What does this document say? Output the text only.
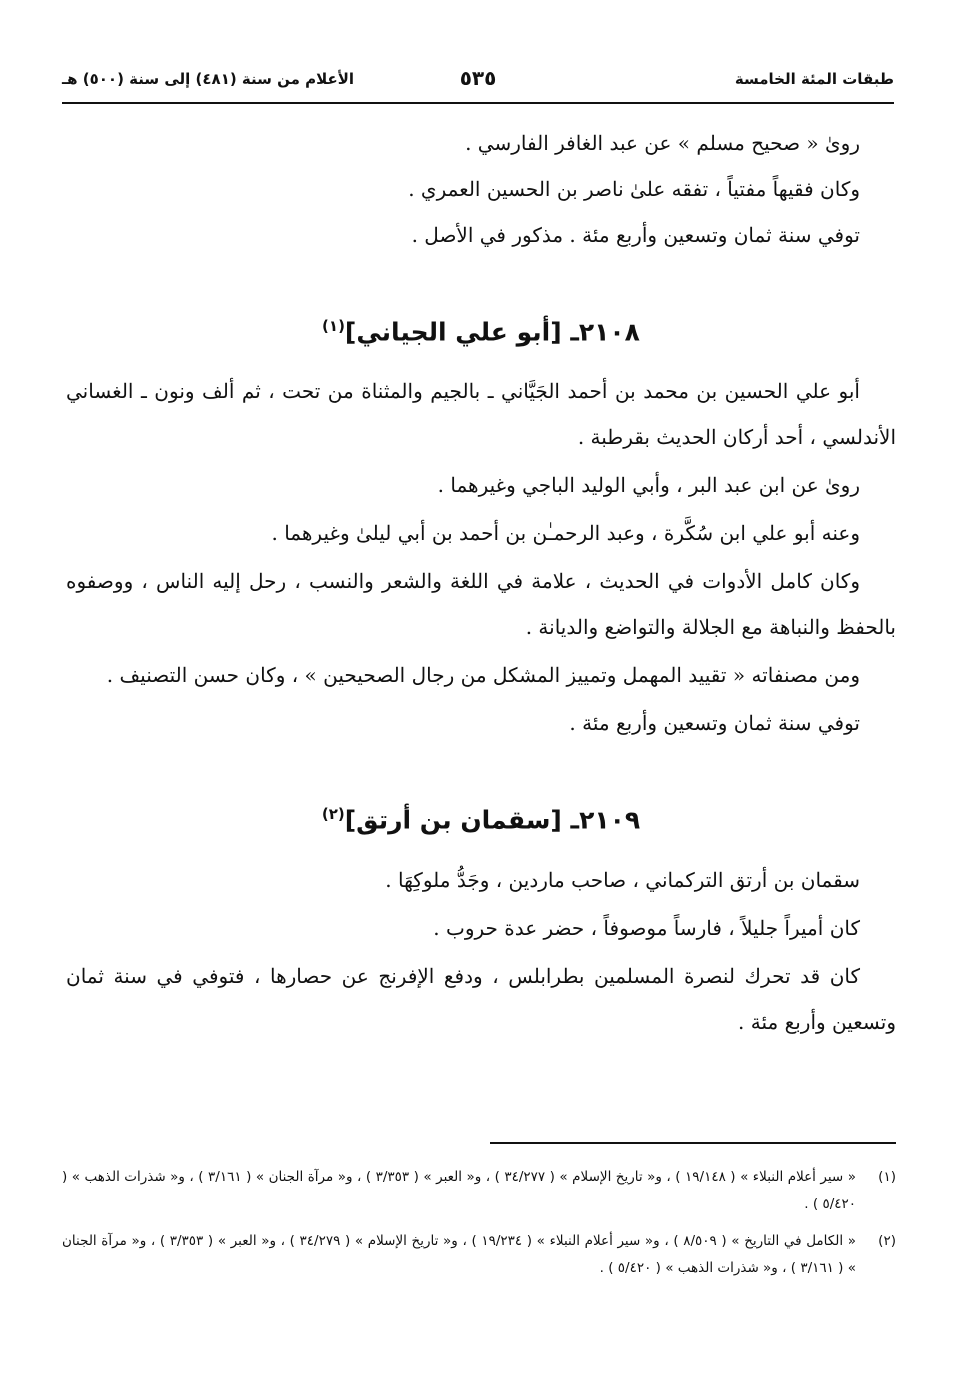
طبقات المئة الخامسة
٥٣٥
الأعلام من سنة (٤٨١) إلى سنة (٥٠٠) هـ

رویٰ « صحيح مسلم » عن عبد الغافر الفارسي .

وكان فقيهاً مفتياً ، تفقه علىٰ ناصر بن الحسين العمري .

توفي سنة ثمان وتسعين وأربع مئة . مذكور في الأصل .

٢١٠٨ـ [أبو علي الجياني]$^{(١)}$

أبو علي الحسين بن محمد بن أحمد الجَيَّاني ـ بالجيم والمثناة من تحت ، ثم ألف ونون ـ الغساني الأندلسي ، أحد أركان الحديث بقرطبة .

رویٰ عن ابن عبد البر ، وأبي الوليد الباجي وغيرهما .

وعنه أبو علي ابن سُكَّرة ، وعبد الرحمـٰن بن أحمد بن أبي ليلىٰ وغيرهما .

وكان كامل الأدوات في الحديث ، علامة في اللغة والشعر والنسب ، رحل إليه الناس ، ووصفوه بالحفظ والنباهة مع الجلالة والتواضع والديانة .

ومن مصنفاته « تقييد المهمل وتمييز المشكل من رجال الصحيحين » ، وكان حسن التصنيف .

توفي سنة ثمان وتسعين وأربع مئة .

٢١٠٩ـ [سقمان بن أرتق]$^{(٢)}$

سقمان بن أرتق التركماني ، صاحب ماردين ، وجَدُّ ملوكِهَا .

كان أميراً جليلاً ، فارساً موصوفاً ، حضر عدة حروب .

كان قد تحرك لنصرة المسلمين بطرابلس ، ودفع الإفرنج عن حصارها ، فتوفي في سنة ثمان وتسعين وأربع مئة .

(١)
« سير أعلام النبلاء » ( ١٩/١٤٨ ) ، و« تاريخ الإسلام » ( ٣٤/٢٧٧ ) ، و« العبر » ( ٣/٣٥٣ ) ، و« مرآة الجنان » ( ٣/١٦١ ) ، و« شذرات الذهب » ( ٥/٤٢٠ ) .
(٢)
« الكامل في التاريخ » ( ٨/٥٠٩ ) ، و« سير أعلام النبلاء » ( ١٩/٢٣٤ ) ، و« تاريخ الإسلام » ( ٣٤/٢٧٩ ) ، و« العبر » ( ٣/٣٥٣ ) ، و« مرآة الجنان » ( ٣/١٦١ ) ، و« شذرات الذهب » ( ٥/٤٢٠ ) .
